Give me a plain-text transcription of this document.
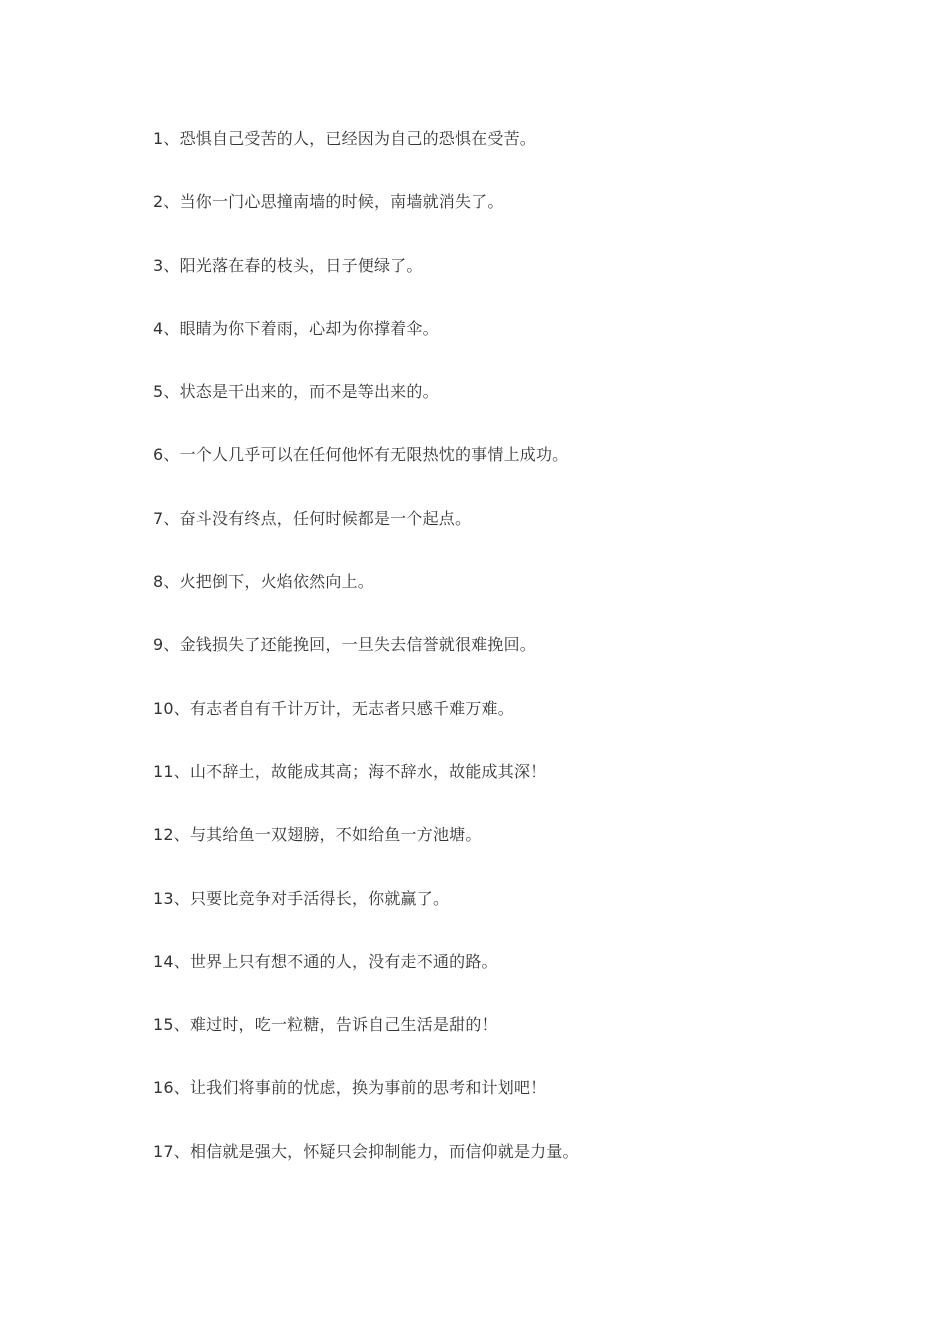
1、恐惧自己受苦的人，已经因为自己的恐惧在受苦。
2、当你一门心思撞南墙的时候，南墙就消失了。
3、阳光落在春的枝头，日子便绿了。
4、眼睛为你下着雨，心却为你撑着伞。
5、状态是干出来的，而不是等出来的。
6、一个人几乎可以在任何他怀有无限热忱的事情上成功。
7、奋斗没有终点，任何时候都是一个起点。
8、火把倒下，火焰依然向上。
9、金钱损失了还能挽回，一旦失去信誉就很难挽回。
10、有志者自有千计万计，无志者只感千难万难。
11、山不辞土，故能成其高；海不辞水，故能成其深！
12、与其给鱼一双翅膀，不如给鱼一方池塘。
13、只要比竞争对手活得长，你就赢了。
14、世界上只有想不通的人，没有走不通的路。
15、难过时，吃一粒糖，告诉自己生活是甜的！
16、让我们将事前的忧虑，换为事前的思考和计划吧！
17、相信就是强大，怀疑只会抑制能力，而信仰就是力量。
